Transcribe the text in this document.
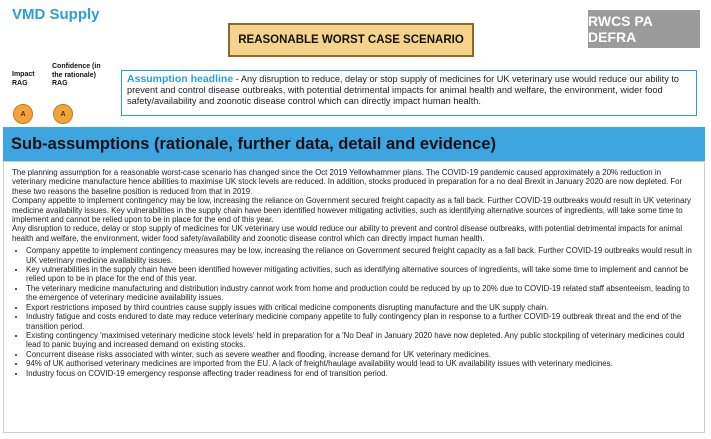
VMD Supply
REASONABLE WORST CASE SCENARIO
RWCS PA DEFRA
Impact RAG
Confidence (in the rationale) RAG
A	A
Assumption headline - Any disruption to reduce, delay or stop supply of medicines for UK veterinary use would reduce our ability to prevent and control disease outbreaks, with potential detrimental impacts for animal health and welfare, the environment, wider food safety/availability and zoonotic disease control which can directly impact human health.
Sub-assumptions (rationale, further data, detail and evidence)

The planning assumption for a reasonable worst-case scenario has changed since the Oct 2019 Yellowhammer plans. The COVID-19 pandemic caused approximately a 20% reduction in veterinary medicine manufacture hence abilities to maximise UK stock levels are reduced. In addition, stocks produced in preparation for a no deal Brexit in January 2020 are now depleted. For these two reasons the baseline position is reduced from that in 2019.

Company appetite to implement contingency may be low, increasing the reliance on Government secured freight capacity as a fall back. Further COVID-19 outbreaks would result in UK veterinary medicine availability issues. Key vulnerabilities in the supply chain have been identified however mitigating activities, such as identifying alternative sources of ingredients, will take some time to implement and cannot be relied upon to be in place for the end of this year.

Any disruption to reduce, delay or stop supply of medicines for UK veterinary use would reduce our ability to prevent and control disease outbreaks, with potential detrimental impacts for animal health and welfare, the environment, wider food safety/availability and zoonotic disease control which can directly impact human health.

• Company appetite to implement contingency measures may be low, increasing the reliance on Government secured freight capacity as a fall back. Further COVID-19 outbreaks would result in UK veterinary medicine availability issues.
• Key vulnerabilities in the supply chain have been identified however mitigating activities, such as identifying alternative sources of ingredients, will take some time to implement and cannot be relied upon to be in place for the end of this year.
• The veterinary medicine manufacturing and distribution industry cannot work from home and production could be reduced by up to 20% due to COVID-19 related staff absenteeism, leading to the emergence of veterinary medicine availability issues.
• Export restrictions imposed by third countries cause supply issues with critical medicine components disrupting manufacture and the UK supply chain.
• Industry fatigue and costs endured to date may reduce veterinary medicine company appetite to fully contingency plan in response to a further COVID-19 outbreak threat and the end of the transition period.
• Existing contingency 'maximised veterinary medicine stock levels' held in preparation for a 'No Deal' in January 2020 have now depleted. Any public stockpiling of veterinary medicines could lead to panic buying and increased demand on existing stocks.
• Concurrent disease risks associated with winter, such as severe weather and flooding, increase demand for UK veterinary medicines.
• 94% of UK authorised veterinary medicines are imported from the EU. A lack of freight/haulage availability would lead to UK availability issues with veterinary medicines.
• Industry focus on COVID-19 emergency response affecting trader readiness for end of transition period.
